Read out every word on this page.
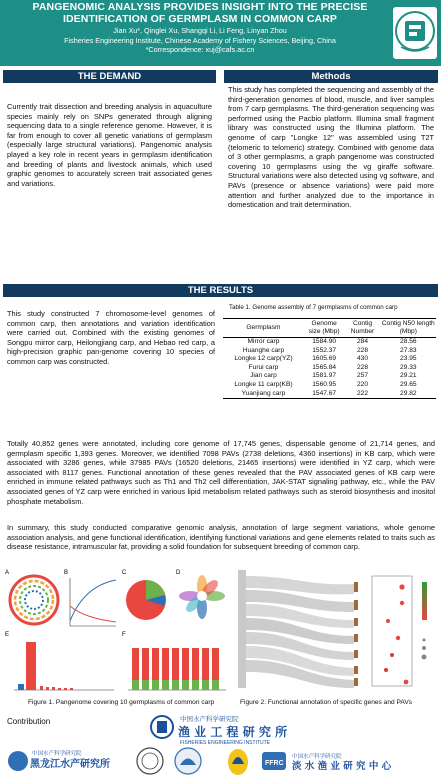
PANGENOMIC ANALYSIS PROVIDES INSIGHT INTO THE PRECISE
IDENTIFICATION OF GERMPLASM IN COMMON CARP
Jian Xu*, Qinglei Xu, Shangqi Li, Li Feng, Linyan Zhou
Fisheries Engineering Institute, Chinese Academy of Fishery Sciences, Beijing, China
*Correspondence: xuj@cafs.ac.cn
THE DEMAND	Methods
Currently trait dissection and breeding analysis in aquaculture species mainly rely on SNPs generated through aligning sequencing data to a single reference genome. However, it is far from enough to cover all genetic variations of germplasm (especially large structural variations). Pangenomic analysis played a key role in recent years in germplasm identification and breeding of plants and livestock animals, which used graphic genomes to accurately screen trait associated genes and variations.
This study has completed the sequencing and assembly of the third-generation genomes of blood, muscle, and liver samples from 7 carp germplasms. The third-generation sequencing was performed using the Pacbio platform. Illumina small fragment library was constructed using the Illumina platform. The genome of carp "Longke 12" was assembled using T2T (telomeric to telomeric) strategy. Combined with genome data of 3 other germplasms, a graph pangenome was constructed covering 10 germplasms using the vg giraffe software. Structural variations were also detected using vg software, and PAVs (presence or absence variations) were paid more attention and further analyzed due to the importance in domestication and trait determination.
THE RESULTS
This study constructed 7 chromosome-level genomes of common carp, then annotations and variation identification were carried out. Combined with the existing genomes of Songpu mirror carp, Heilongjiang carp, and Hebao red carp, a high-precision graphic pan-genome covering 10 species of common carp was constructed.
Table 1. Genome assembly of 7 germplasms of common carp
Germplasm	Genome size (Mbp)	Contig Number	Contig N50 length (Mbp)
Mirror carp	1584.90	284	28.56
Huanghe carp	1552.37	228	27.83
Longke 12 carp(YZ)	1605.69	430	23.95
Furui carp	1565.84	228	29.33
Jian carp	1581.97	257	29.21
Longke 11 carp(KB)	1560.95	220	29.65
Yuanjiang carp	1547.67	222	29.82
Totally 40,852 genes were annotated, including core genome of 17,745 genes, dispensable genome of 21,714 genes, and germplasm specific 1,393 genes. Moreover, we identified 7098 PAVs (2738 deletions, 4360 insertions) in KB carp, which were associated with 3286 genes, while 37985 PAVs (16520 deletions, 21465 insertions) were identified in YZ carp, which were associated with 8117 genes. Functional annotation of these genes revealed that the PAV associated genes of KB carp were enriched in immune related pathways such as Th1 and Th2 cell differentiation, JAK-STAT signaling pathway, etc., while the PAV associated genes of YZ carp were enriched in various lipid metabolism related pathways such as steroid biosynthesis and inositol phosphate metabolism.
In summary, this study conducted comparative genomic analysis, annotation of large segment variations, whole genome association analysis, and gene functional identification, identifying functional variations and gene elements related to traits such as disease resistance, intramuscular fat, providing a solid foundation for subsequent breeding of common carp.
A	B	C	D
E	F
Figure 1. Pangenome covering 10 germplasms of common carp	Figure 2. Functional annotation of specific genes and PAVs
Contribution	中国水产科学研究院
渔 业 工 程 研 究 所
FISHERIES ENGINEERING INSTITUTE
中国水产科学研究院
黑龙江水产研究所	FFRC
中国水产科学研究院
淡 水 渔 业 研 究 中 心
